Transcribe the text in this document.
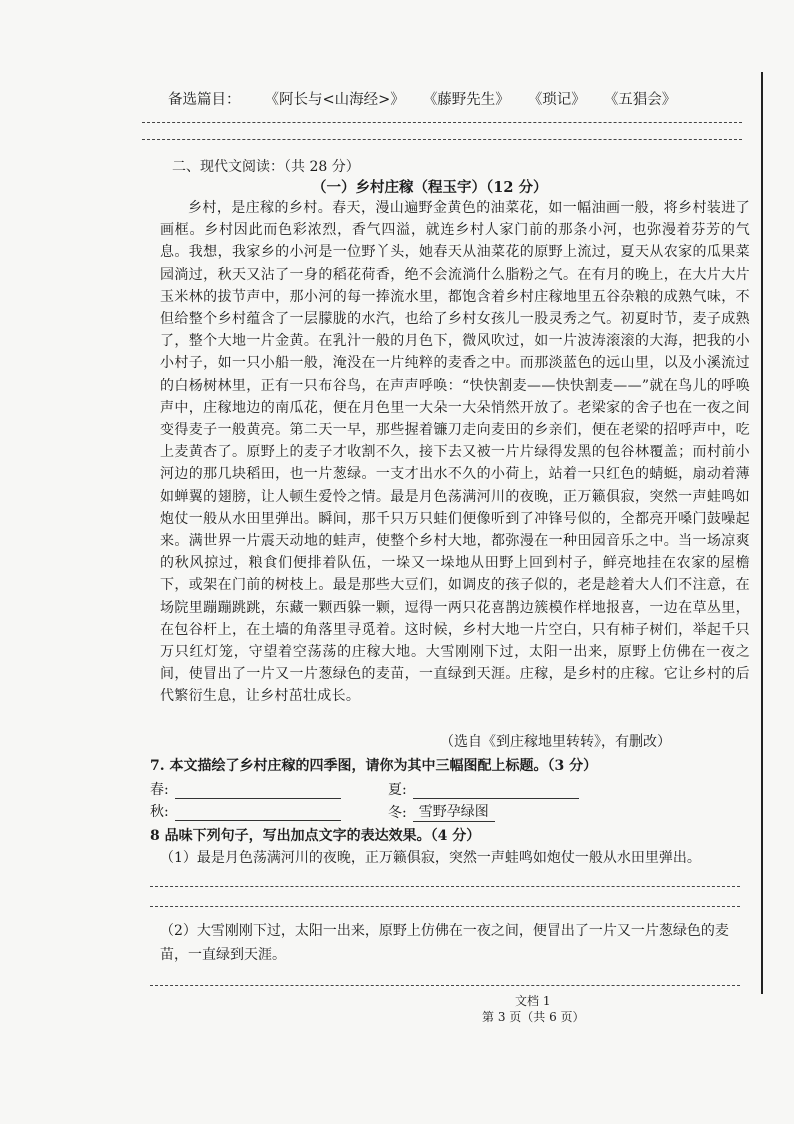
备选篇目： 《阿长与<山海经>》 《藤野先生》 《琐记》 《五猖会》
二、现代文阅读：（共 28 分）
（一）乡村庄稼（程玉宇）（12 分）

乡村，是庄稼的乡村。春天，漫山遍野金黄色的油菜花，如一幅油画一般，将乡村装进了画框。乡村因此而色彩浓烈，香气四溢，就连乡村人家门前的那条小河，也弥漫着芬芳的气息。我想，我家乡的小河是一位野丫头，她春天从油菜花的原野上流过，夏天从农家的瓜果菜园淌过，秋天又沾了一身的稻花荷香，绝不会流淌什么脂粉之气。在有月的晚上，在大片大片玉米林的拔节声中，那小河的每一捧流水里，都饱含着乡村庄稼地里五谷杂粮的成熟气味，不但给整个乡村蕴含了一层朦胧的水汽，也给了乡村女孩儿一股灵秀之气。初夏时节，麦子成熟了，整个大地一片金黄。在乳汁一般的月色下，微风吹过，如一片波涛滚滚的大海，把我的小小村子，如一只小船一般，淹没在一片纯粹的麦香之中。而那淡蓝色的远山里，以及小溪流过的白杨树林里，正有一只布谷鸟，在声声呼唤：“快快割麦——快快割麦——”就在鸟儿的呼唤声中，庄稼地边的南瓜花，便在月色里一大朵一大朵悄然开放了。老梁家的舍子也在一夜之间变得麦子一般黄亮。第二天一早，那些握着镰刀走向麦田的乡亲们，便在老梁的招呼声中，吃上麦黄杏了。原野上的麦子才收割不久，接下去又被一片片绿得发黑的包谷林覆盖；而村前小河边的那几块稻田，也一片葱绿。一支才出水不久的小荷上，站着一只红色的蜻蜓，扇动着薄如蝉翼的翅膀，让人顿生爱怜之情。最是月色荡满河川的夜晚，正万籁俱寂，突然一声蛙鸣如炮仗一般从水田里弹出。瞬间，那千只万只蛙们便像听到了冲锋号似的，全都亮开嗓门鼓噪起来。满世界一片震天动地的蛙声，使整个乡村大地，都弥漫在一种田园音乐之中。当一场凉爽的秋风掠过，粮食们便排着队伍，一垛又一垛地从田野上回到村子，鲜亮地挂在农家的屋檐下，或架在门前的树枝上。最是那些大豆们，如调皮的孩子似的，老是趁着大人们不注意，在场院里蹦蹦跳跳，东藏一颗西躲一颗，逗得一两只花喜鹊边簇模作样地报喜，一边在草丛里，在包谷杆上，在土墙的角落里寻觅着。这时候，乡村大地一片空白，只有柿子树们，举起千只万只红灯笼，守望着空荡荡的庄稼大地。大雪刚刚下过，太阳一出来，原野上仿佛在一夜之间，使冒出了一片又一片葱绿色的麦苗，一直绿到天涯。庄稼，是乡村的庄稼。它让乡村的后代繁衍生息，让乡村茁壮成长。

（选自《到庄稼地里转转》，有删改）
7. 本文描绘了乡村庄稼的四季图，请你为其中三幅图配上标题。（3 分）
春:	夏:
秋:	冬: 雪野孕绿图
8 品味下列句子，写出加点文字的表达效果。（4 分）
（1）最是月色荡满河川的夜晚，正万籁俱寂，突然一声蛙鸣如炮仗一般从水田里弹出。
（2）大雪刚刚下过，太阳一出来，原野上仿佛在一夜之间，便冒出了一片又一片葱绿色的麦苗，一直绿到天涯。
文档 1
第 3 页（共 6 页）
